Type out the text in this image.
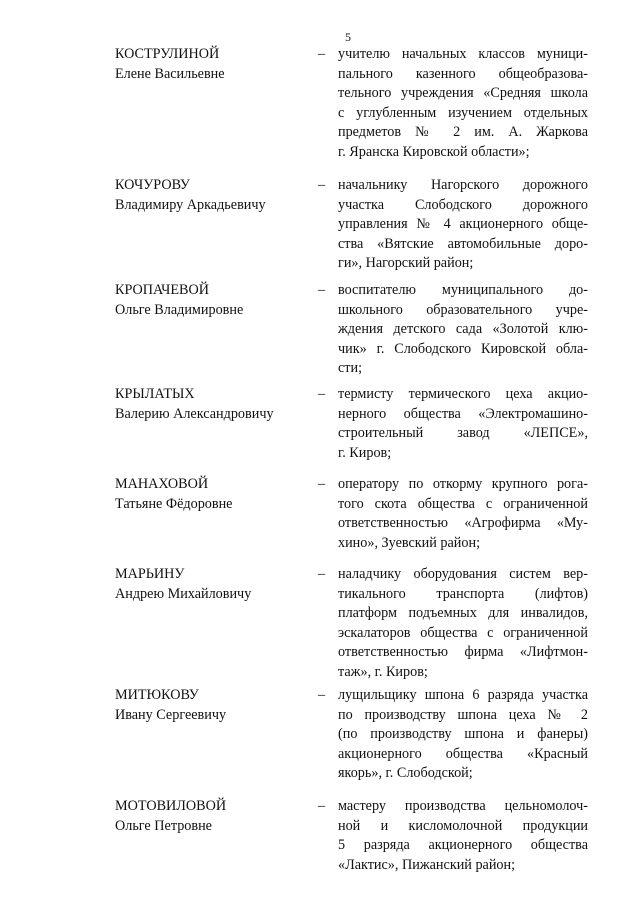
5
КОСТРУЛИНОЙ
Елене Васильевне
– учителю начальных классов муници-
пального казенного общеобразова-
тельного учреждения «Средняя школа
с углубленным изучением отдельных
предметов № 2 им. А. Жаркова
г. Яранска Кировской области»;
КОЧУРОВУ
Владимиру Аркадьевичу
– начальнику Нагорского дорожного
участка Слободского дорожного
управления № 4 акционерного обще-
ства «Вятские автомобильные доро-
ги», Нагорский район;
КРОПАЧЕВОЙ
Ольге Владимировне
– воспитателю муниципального до-
школьного образовательного учре-
ждения детского сада «Золотой клю-
чик» г. Слободского Кировской обла-
сти;
КРЫЛАТЫХ
Валерию Александровичу
– термисту термического цеха акцио-
нерного общества «Электромашино-
строительный завод «ЛЕПСЕ»,
г. Киров;
МАНАХОВОЙ
Татьяне Фёдоровне
– оператору по откорму крупного рога-
того скота общества с ограниченной
ответственностью «Агрофирма «Му-
хино», Зуевский район;
МАРЬИНУ
Андрею Михайловичу
– наладчику оборудования систем вер-
тикального транспорта (лифтов)
платформ подъемных для инвалидов,
эскалаторов общества с ограниченной
ответственностью фирма «Лифтмон-
таж», г. Киров;
МИТЮКОВУ
Ивану Сергеевичу
– лущильщику шпона 6 разряда участка
по производству шпона цеха № 2
(по производству шпона и фанеры)
акционерного общества «Красный
якорь», г. Слободской;
МОТОВИЛОВОЙ
Ольге Петровне
– мастеру производства цельномолоч-
ной и кисломолочной продукции
5 разряда акционерного общества
«Лактис», Пижанский район;
